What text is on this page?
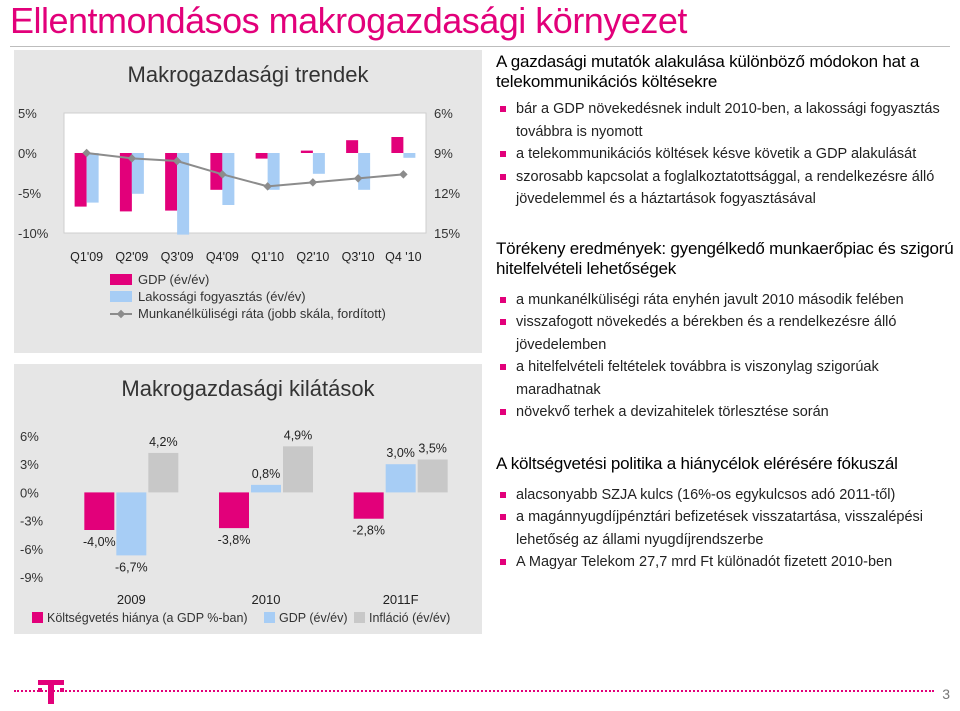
Ellentmondásos makrogazdasági környezet
Makrogazdasági trendek
5%
0%
-5%
-10%
6%
9%
12%
15%
Q1'09 Q2'09 Q3'09 Q4'09 Q1'10 Q2'10 Q3'10 Q4 '10
GDP (év/év)
Lakossági fogyasztás (év/év)
Munkanélküliségi ráta (jobb skála, fordított)
Makrogazdasági kilátások
6%
3%
0%
-3%
-6%
-9%
-4,0%
-6,7%
4,2%
2009
-3,8%
0,8%
4,9%
2010
-2,8%
3,0% 3,5%
2011F
Költségvetés hiánya (a GDP %-ban)	GDP (év/év) Infláció (év/év)

A gazdasági mutatók alakulása különböző módokon hat a telekommunikációs költésekre

bár a GDP növekedésnek indult 2010-ben, a lakossági fogyasztás továbbra is nyomott
a telekommunikációs költések késve követik a GDP alakulását
szorosabb kapcsolat a foglalkoztatottsággal, a rendelkezésre álló jövedelemmel és a háztartások fogyasztásával

Törékeny eredmények: gyengélkedő munkaerőpiac és szigorú hitelfelvételi lehetőségek

a munkanélküliségi ráta enyhén javult 2010 második felében
visszafogott növekedés a bérekben és a rendelkezésre álló jövedelemben
a hitelfelvételi feltételek továbbra is viszonylag szigorúak maradhatnak
növekvő terhek a devizahitelek törlesztése során

A költségvetési politika a hiánycélok elérésére fókuszál

alacsonyabb SZJA kulcs (16%-os egykulcsos adó 2011-től)
a magánnyugdíjpénztári befizetések visszatartása, visszalépési lehetőség az állami nyugdíjrendszerbe
A Magyar Telekom 27,7 mrd Ft különadót fizetett 2010-ben
3
